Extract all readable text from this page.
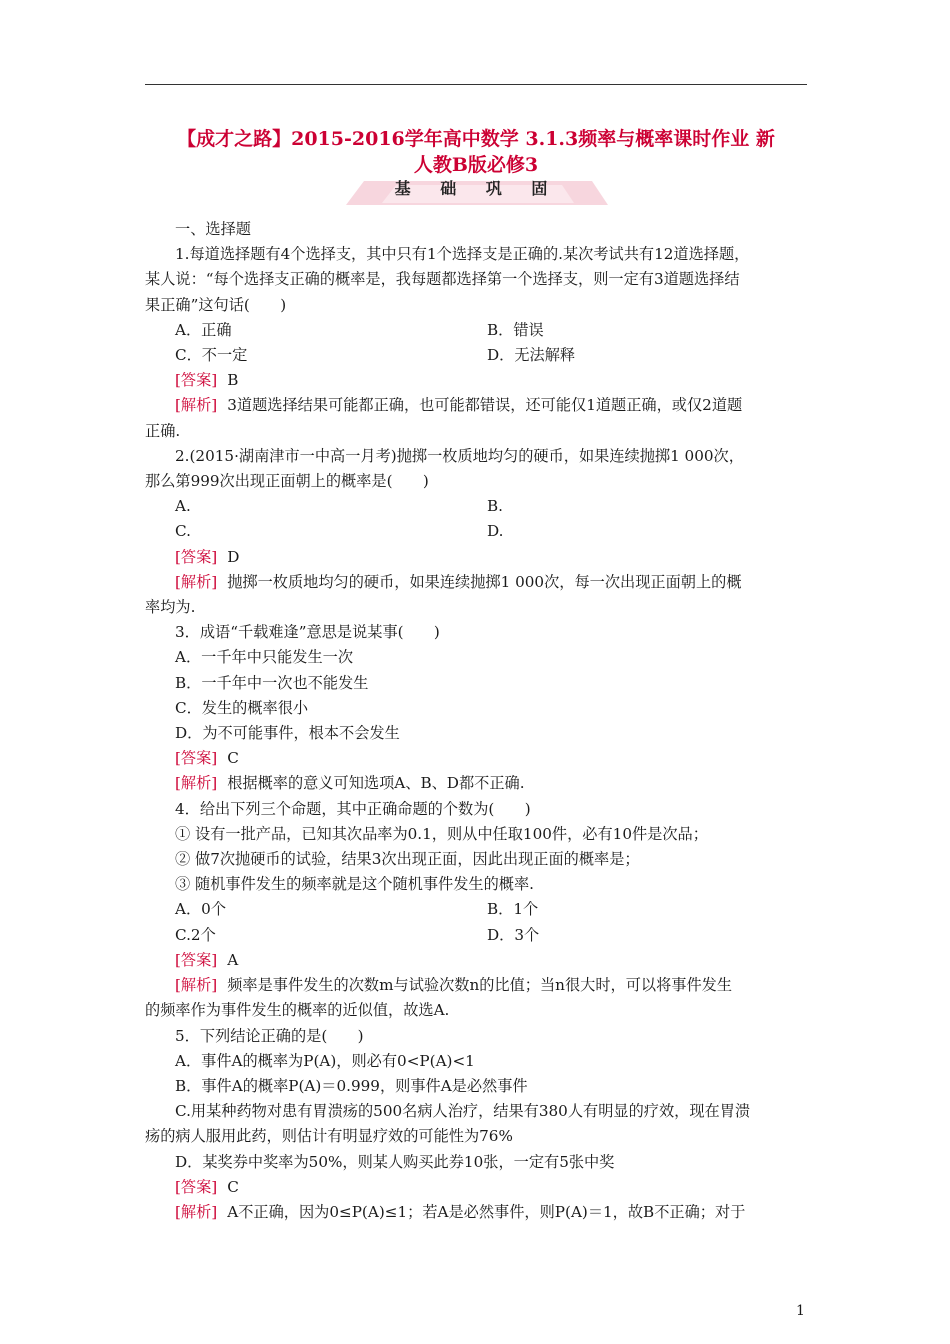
【成才之路】2015-2016学年高中数学 3.1.3频率与概率课时作业 新
人教B版必修3
基 础 巩 固

一、选择题

1.每道选择题有4个选择支，其中只有1个选择支是正确的.某次考试共有12道选择题，

某人说：“每个选择支正确的概率是，我每题都选择第一个选择支，则一定有3道题选择结

果正确”这句话(　　)

A．正确	B．错误
C．不一定	D．无法解释

[答案] B

[解析] 3道题选择结果可能都正确，也可能都错误，还可能仅1道题正确，或仅2道题

正确.

2.(2015·湖南津市一中高一月考)抛掷一枚质地均匀的硬币，如果连续抛掷1 000次，

那么第999次出现正面朝上的概率是(　　)

A.	B.
C.	D.

[答案] D

[解析] 抛掷一枚质地均匀的硬币，如果连续抛掷1 000次，每一次出现正面朝上的概

率均为.

3．成语“千载难逢”意思是说某事(　　)

A．一千年中只能发生一次

B．一千年中一次也不能发生

C．发生的概率很小

D．为不可能事件，根本不会发生

[答案] C

[解析] 根据概率的意义可知选项A、B、D都不正确.

4．给出下列三个命题，其中正确命题的个数为(　　)

① 设有一批产品，已知其次品率为0.1，则从中任取100件，必有10件是次品；

② 做7次抛硬币的试验，结果3次出现正面，因此出现正面的概率是；

③ 随机事件发生的频率就是这个随机事件发生的概率.

A．0个	B．1个
C.2个	D．3个

[答案] A

[解析] 频率是事件发生的次数m与试验次数n的比值；当n很大时，可以将事件发生

的频率作为事件发生的概率的近似值，故选A.

5．下列结论正确的是(　　)

A．事件A的概率为P(A)，则必有0<P(A)<1

B．事件A的概率P(A)＝0.999，则事件A是必然事件

C.用某种药物对患有胃溃疡的500名病人治疗，结果有380人有明显的疗效，现在胃溃

疡的病人服用此药，则估计有明显疗效的可能性为76%

D．某奖券中奖率为50%，则某人购买此券10张，一定有5张中奖

[答案] C

[解析] A不正确，因为0≤P(A)≤1；若A是必然事件，则P(A)＝1，故B不正确；对于

1
